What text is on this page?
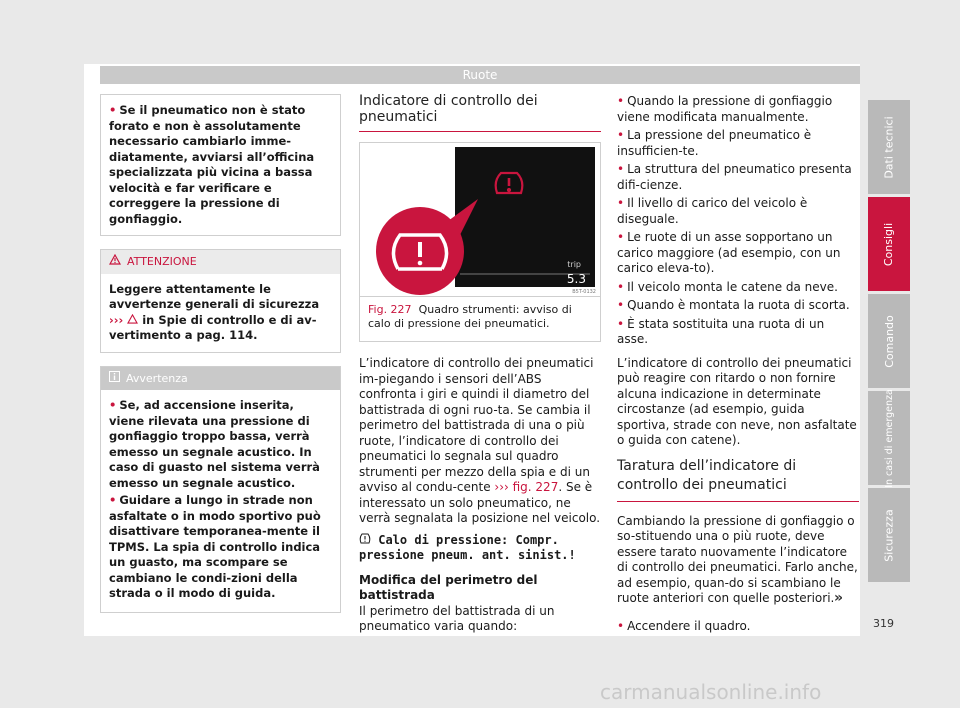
Ruote
• Se il pneumatico non è stato forato e non è assolutamente necessario cambiarlo imme-diatamente, avviarsi all’officina specializzata più vicina a bassa velocità e far verificare e correggere la pressione di gonfiaggio.
ATTENZIONE
Leggere attentamente le avvertenze generali di sicurezza ›››  in Spie di controllo e di av-vertimento a pag. 114.
Avvertenza
• Se, ad accensione inserita, viene rilevata una pressione di gonfiaggio troppo bassa, verrà emesso un segnale acustico. In caso di guasto nel sistema verrà emesso un segnale acustico.
• Guidare a lungo in strade non asfaltate o in modo sportivo può disattivare temporanea-mente il TPMS. La spia di controllo indica un guasto, ma scompare se cambiano le condi-zioni della strada o il modo di guida.
Indicatore di controllo dei pneumatici
trip
5.3
B5T-0132
Fig. 227 Quadro strumenti: avviso di calo di pressione dei pneumatici.
L’indicatore di controllo dei pneumatici im-piegando i sensori dell’ABS confronta i giri e quindi il diametro del battistrada di ogni ruo-ta. Se cambia il perimetro del battistrada di una o più ruote, l’indicatore di controllo dei pneumatici lo segnala sul quadro strumenti per mezzo della spia e di un avviso al condu-cente ››› fig. 227. Se è interessato un solo pneumatico, ne verrà segnalata la posizione nel veicolo.
Calo di pressione: Compr. pressione pneum. ant. sinist.!
Modifica del perimetro del battistrada
Il perimetro del battistrada di un pneumatico varia quando:
• Quando la pressione di gonfiaggio viene modificata manualmente.
• La pressione del pneumatico è insufficien-te.
• La struttura del pneumatico presenta difi-cienze.
• Il livello di carico del veicolo è diseguale.
• Le ruote di un asse sopportano un carico maggiore (ad esempio, con un carico eleva-to).
• Il veicolo monta le catene da neve.
• Quando è montata la ruota di scorta.
• È stata sostituita una ruota di un asse.
L’indicatore di controllo dei pneumatici può reagire con ritardo o non fornire alcuna indicazione in determinate circostanze (ad esempio, guida sportiva, strade con neve, non asfaltate o guida con catene).
Taratura dell’indicatore di controllo dei pneumatici
Cambiando la pressione di gonfiaggio o so-stituendo una o più ruote, deve essere tarato nuovamente l’indicatore di controllo dei pneumatici. Farlo anche, ad esempio, quan-do si scambiano le ruote anteriori con quelle posteriori.
• Accendere il quadro.
»
Dati tecnici
Consigli
Comando
In casi di emergenza
Sicurezza
319
carmanualsonline.info
